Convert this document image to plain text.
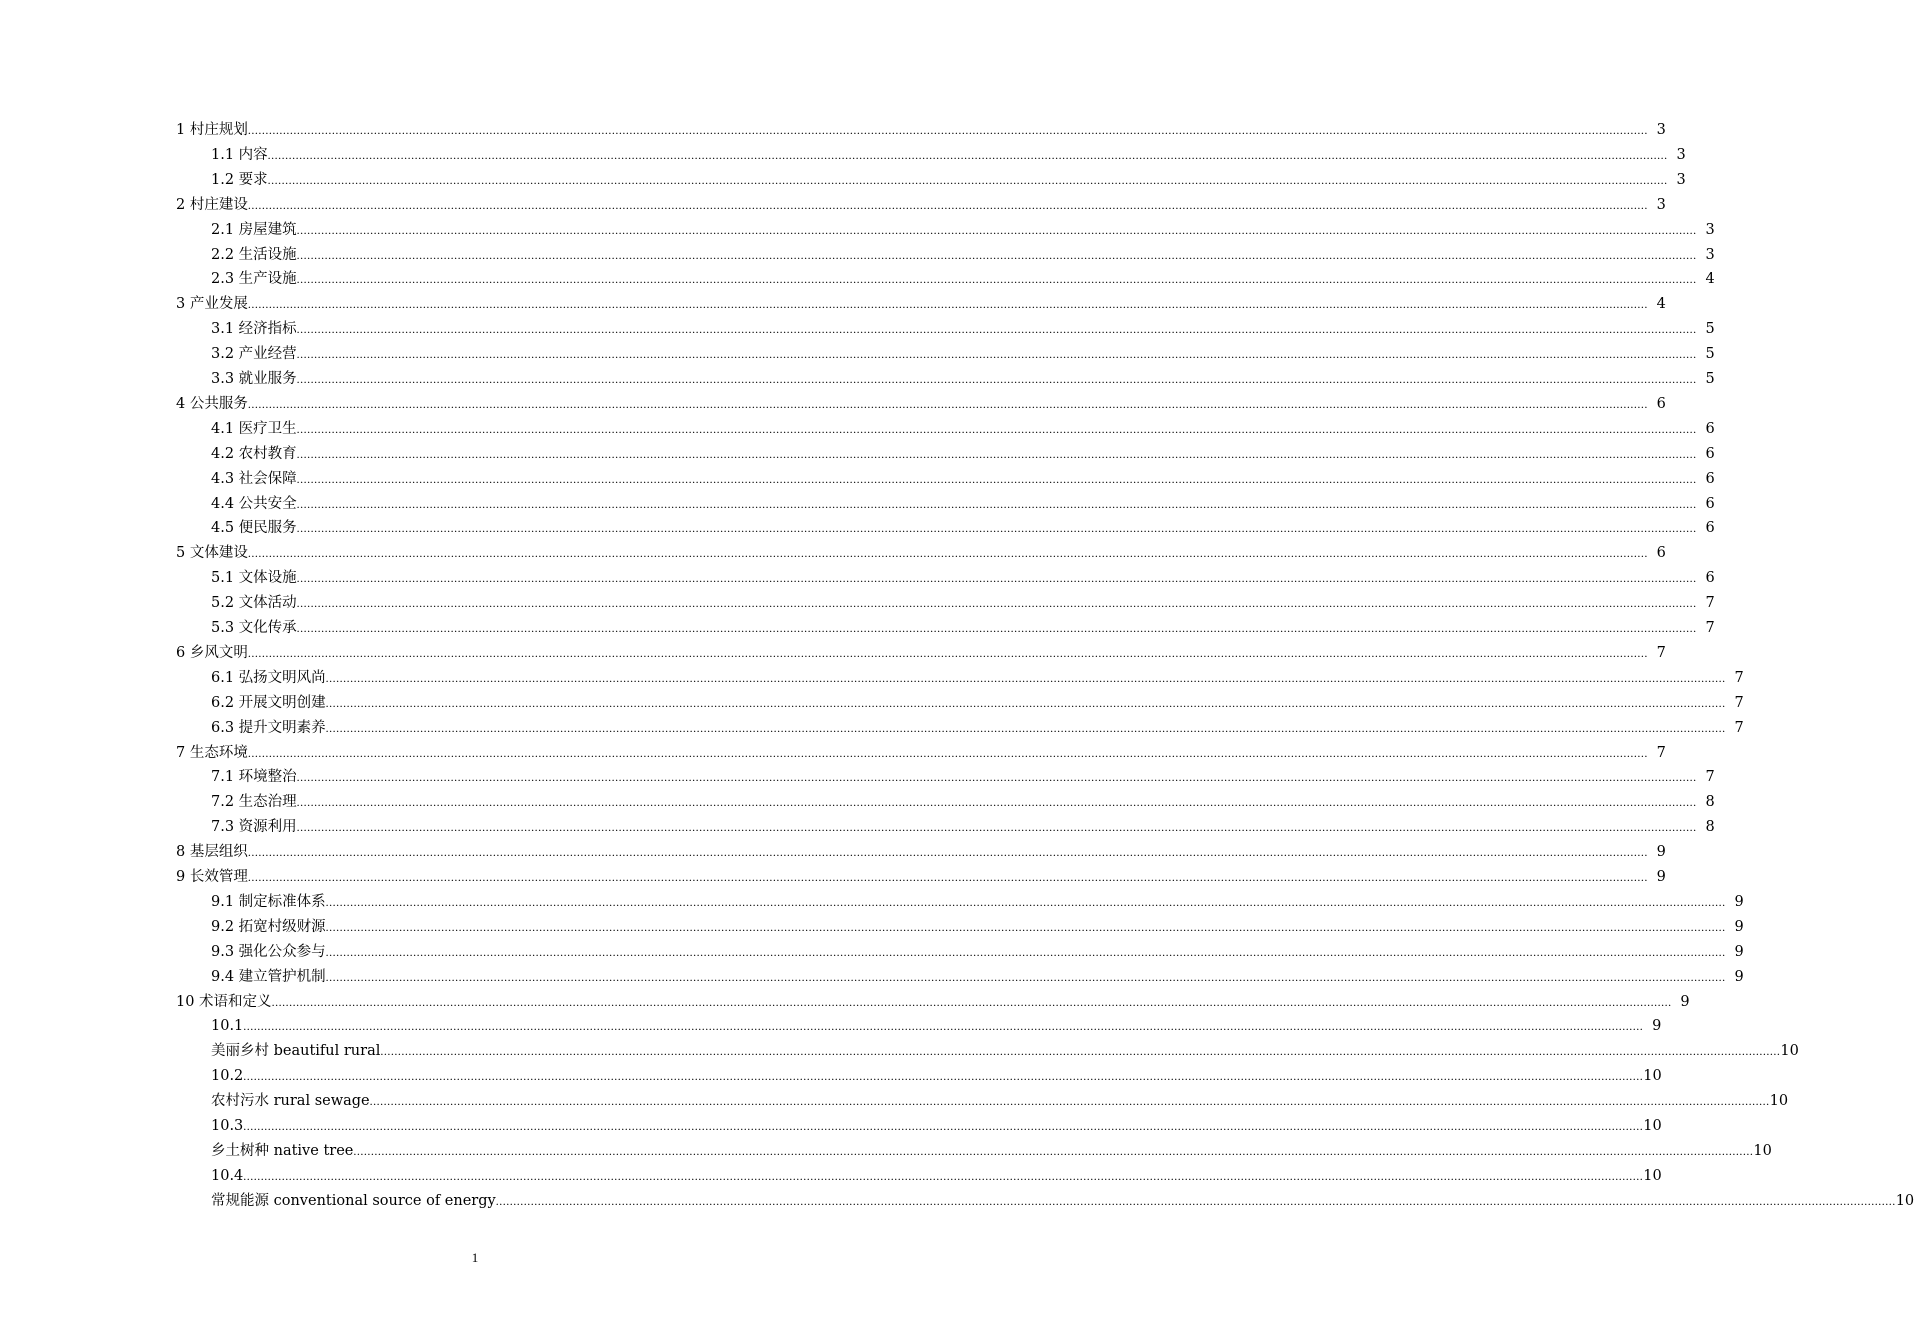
1 村庄规划 ................................................................................................................................................................................................................................................................................................................................................................................................................ 3
1.1 内容 ................................................................................................................................................................................................................................................................................................................................................................................................................ 3
1.2 要求 ................................................................................................................................................................................................................................................................................................................................................................................................................ 3
2 村庄建设 ................................................................................................................................................................................................................................................................................................................................................................................................................ 3
2.1 房屋建筑 ................................................................................................................................................................................................................................................................................................................................................................................................................ 3
2.2 生活设施 ................................................................................................................................................................................................................................................................................................................................................................................................................ 3
2.3 生产设施 ................................................................................................................................................................................................................................................................................................................................................................................................................ 4
3 产业发展 ................................................................................................................................................................................................................................................................................................................................................................................................................ 4
3.1 经济指标 ................................................................................................................................................................................................................................................................................................................................................................................................................ 5
3.2 产业经营 ................................................................................................................................................................................................................................................................................................................................................................................................................ 5
3.3 就业服务 ................................................................................................................................................................................................................................................................................................................................................................................................................ 5
4 公共服务 ................................................................................................................................................................................................................................................................................................................................................................................................................ 6
4.1 医疗卫生 ................................................................................................................................................................................................................................................................................................................................................................................................................ 6
4.2 农村教育 ................................................................................................................................................................................................................................................................................................................................................................................................................ 6
4.3 社会保障 ................................................................................................................................................................................................................................................................................................................................................................................................................ 6
4.4 公共安全 ................................................................................................................................................................................................................................................................................................................................................................................................................ 6
4.5 便民服务 ................................................................................................................................................................................................................................................................................................................................................................................................................ 6
5 文体建设 ................................................................................................................................................................................................................................................................................................................................................................................................................ 6
5.1 文体设施 ................................................................................................................................................................................................................................................................................................................................................................................................................ 6
5.2 文体活动 ................................................................................................................................................................................................................................................................................................................................................................................................................ 7
5.3 文化传承 ................................................................................................................................................................................................................................................................................................................................................................................................................ 7
6 乡风文明 ................................................................................................................................................................................................................................................................................................................................................................................................................ 7
6.1 弘扬文明风尚 ................................................................................................................................................................................................................................................................................................................................................................................................................ 7
6.2 开展文明创建 ................................................................................................................................................................................................................................................................................................................................................................................................................ 7
6.3 提升文明素养 ................................................................................................................................................................................................................................................................................................................................................................................................................ 7
7 生态环境 ................................................................................................................................................................................................................................................................................................................................................................................................................ 7
7.1 环境整治 ................................................................................................................................................................................................................................................................................................................................................................................................................ 7
7.2 生态治理 ................................................................................................................................................................................................................................................................................................................................................................................................................ 8
7.3 资源利用 ................................................................................................................................................................................................................................................................................................................................................................................................................ 8
8 基层组织 ................................................................................................................................................................................................................................................................................................................................................................................................................ 9
9 长效管理 ................................................................................................................................................................................................................................................................................................................................................................................................................ 9
9.1 制定标准体系 ................................................................................................................................................................................................................................................................................................................................................................................................................ 9
9.2 拓宽村级财源 ................................................................................................................................................................................................................................................................................................................................................................................................................ 9
9.3 强化公众参与 ................................................................................................................................................................................................................................................................................................................................................................................................................ 9
9.4 建立管护机制 ................................................................................................................................................................................................................................................................................................................................................................................................................ 9
10 术语和定义 ................................................................................................................................................................................................................................................................................................................................................................................................................ 9
10.1 ................................................................................................................................................................................................................................................................................................................................................................................................................ 9
美丽乡村 beautiful rural ................................................................................................................................................................................................................................................................................................................................................................................................................ 10
10.2 ................................................................................................................................................................................................................................................................................................................................................................................................................ 10
农村污水 rural sewage ................................................................................................................................................................................................................................................................................................................................................................................................................ 10
10.3 ................................................................................................................................................................................................................................................................................................................................................................................................................ 10
乡土树种 native tree ................................................................................................................................................................................................................................................................................................................................................................................................................ 10
10.4 ................................................................................................................................................................................................................................................................................................................................................................................................................ 10
常规能源 conventional source of energy ................................................................................................................................................................................................................................................................................................................................................................................................................ 10
1
